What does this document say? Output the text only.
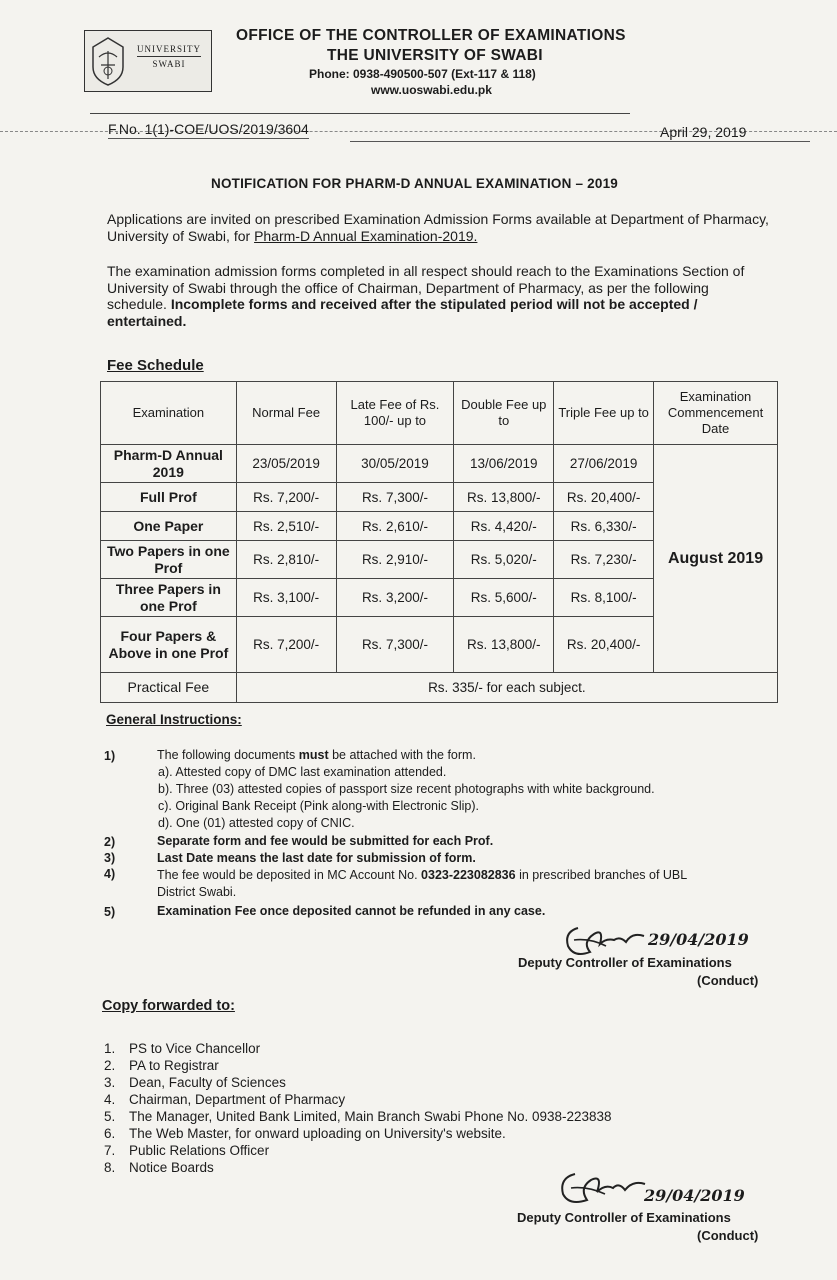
UNIVERSITY
SWABI
OFFICE OF THE CONTROLLER OF EXAMINATIONS
THE UNIVERSITY OF SWABI
Phone: 0938-490500-507 (Ext-117 & 118)
www.uoswabi.edu.pk
F.No. 1(1)-COE/UOS/2019/3604	April 29, 2019
NOTIFICATION FOR PHARM-D ANNUAL EXAMINATION – 2019
Applications are invited on prescribed Examination Admission Forms available at Department of Pharmacy, University of Swabi, for Pharm-D Annual Examination-2019.
The examination admission forms completed in all respect should reach to the Examinations Section of University of Swabi through the office of Chairman, Department of Pharmacy, as per the following schedule. Incomplete forms and received after the stipulated period will not be accepted / entertained.
Fee Schedule
Examination	Normal Fee	Late Fee of Rs. 100/- up to	Double Fee up to	Triple Fee up to	Examination Commencement Date
Pharm-D Annual 2019	23/05/2019	30/05/2019	13/06/2019	27/06/2019	August 2019
Full Prof	Rs. 7,200/-	Rs. 7,300/-	Rs. 13,800/-	Rs. 20,400/-	
One Paper	Rs. 2,510/-	Rs. 2,610/-	Rs. 4,420/-	Rs. 6,330/-	
Two Papers in one Prof	Rs. 2,810/-	Rs. 2,910/-	Rs. 5,020/-	Rs. 7,230/-	
Three Papers in one Prof	Rs. 3,100/-	Rs. 3,200/-	Rs. 5,600/-	Rs. 8,100/-	
Four Papers & Above in one Prof	Rs. 7,200/-	Rs. 7,300/-	Rs. 13,800/-	Rs. 20,400/-	
Practical Fee	Rs. 335/- for each subject.				
General Instructions:
1)	The following documents must be attached with the form.
a). Attested copy of DMC last examination attended.
b). Three (03) attested copies of passport size recent photographs with white background.
c). Original Bank Receipt (Pink along-with Electronic Slip).
d). One (01) attested copy of CNIC.
2)	Separate form and fee would be submitted for each Prof.
3)	Last Date means the last date for submission of form.
4)	The fee would be deposited in MC Account No. 0323-223082836 in prescribed branches of UBL
District Swabi.
5)	Examination Fee once deposited cannot be refunded in any case.
29/04/2019
Deputy Controller of Examinations
(Conduct)
Copy forwarded to:
1. PS to Vice Chancellor
2. PA to Registrar
3. Dean, Faculty of Sciences
4. Chairman, Department of Pharmacy
5. The Manager, United Bank Limited, Main Branch Swabi Phone No. 0938-223838
6. The Web Master, for onward uploading on University's website.
7. Public Relations Officer
8. Notice Boards
29/04/2019
Deputy Controller of Examinations
(Conduct)
